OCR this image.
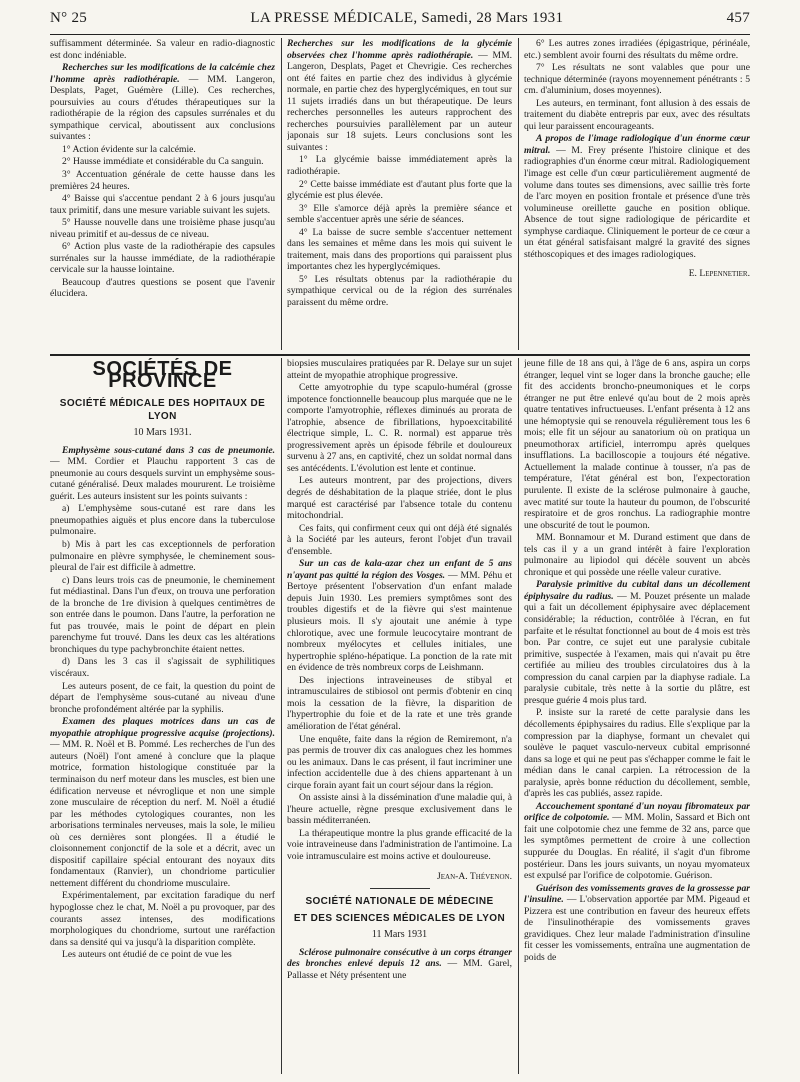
N° 25	LA PRESSE MÉDICALE, Samedi, 28 Mars 1931	457

suffisamment déterminée. Sa valeur en radio-diagnostic est donc indéniable.

Recherches sur les modifications de la calcémie chez l'homme après radiothérapie. — MM. Langeron, Desplats, Paget, Guémère (Lille). Ces recherches, poursuivies au cours d'études thérapeutiques sur la radiothérapie de la région des capsules surrénales et du sympathique cervical, aboutissent aux conclusions suivantes :

1° Action évidente sur la calcémie.

2° Hausse immédiate et considérable du Ca sanguin.

3° Accentuation générale de cette hausse dans les premières 24 heures.

4° Baisse qui s'accentue pendant 2 à 6 jours jusqu'au taux primitif, dans une mesure variable suivant les sujets.

5° Hausse nouvelle dans une troisième phase jusqu'au niveau primitif et au-dessus de ce niveau.

6° Action plus vaste de la radiothérapie des capsules surrénales sur la hausse immédiate, de la radiothérapie cervicale sur la hausse lointaine.

Beaucoup d'autres questions se posent que l'avenir élucidera.

Recherches sur les modifications de la glycémie observées chez l'homme après radiothérapie. — MM. Langeron, Desplats, Paget et Chevrigie. Ces recherches ont été faites en partie chez des individus à glycémie normale, en partie chez des hyperglycémiques, en tout sur 11 sujets irradiés dans un but thérapeutique. De leurs recherches personnelles les auteurs rapprochent des recherches poursuivies parallèlement par un auteur japonais sur 18 sujets. Leurs conclusions sont les suivantes :

1° La glycémie baisse immédiatement après la radiothérapie.

2° Cette baisse immédiate est d'autant plus forte que la glycémie est plus élevée.

3° Elle s'amorce déjà après la première séance et semble s'accentuer après une série de séances.

4° La baisse de sucre semble s'accentuer nettement dans les semaines et même dans les mois qui suivent le traitement, mais dans des proportions qui paraissent plus importantes chez les hyperglycémiques.

5° Les résultats obtenus par la radiothérapie du sympathique cervical ou de la région des surrénales paraissent du même ordre.

6° Les autres zones irradiées (épigastrique, périnéale, etc.) semblent avoir fourni des résultats du même ordre.

7° Les résultats ne sont valables que pour une technique déterminée (rayons moyennement pénétrants : 5 cm. d'aluminium, doses moyennes).

Les auteurs, en terminant, font allusion à des essais de traitement du diabète entrepris par eux, avec des résultats qui leur paraissent encourageants.

A propos de l'image radiologique d'un énorme cœur mitral. — M. Frey présente l'histoire clinique et des radiographies d'un énorme cœur mitral. Radiologiquement l'image est celle d'un cœur particulièrement augmenté de volume dans toutes ses dimensions, avec saillie très forte de l'arc moyen en position frontale et présence d'une très volumineuse oreillette gauche en position oblique. Absence de tout signe radiologique de péricardite et symphyse cardiaque. Cliniquement le porteur de ce cœur a un état général satisfaisant malgré la gravité des signes stéthoscopiques et des images radiologiques.

E. Lepennetier.

SOCIÉTÉS DE PROVINCE
SOCIÉTÉ MÉDICALE DES HOPITAUX DE LYON
10 Mars 1931.

Emphysème sous-cutané dans 3 cas de pneumonie. — MM. Cordier et Plauchu rapportent 3 cas de pneumonie au cours desquels survint un emphysème sous-cutané généralisé. Deux malades moururent. Le troisième guérit. Les auteurs insistent sur les points suivants :

a) L'emphysème sous-cutané est rare dans les pneumopathies aiguës et plus encore dans la tuberculose pulmonaire.

b) Mis à part les cas exceptionnels de perforation pulmonaire en plèvre symphysée, le cheminement sous-pleural de l'air est difficile à admettre.

c) Dans leurs trois cas de pneumonie, le cheminement fut médiastinal. Dans l'un d'eux, on trouva une perforation de la bronche de 1re division à quelques centimètres de son entrée dans le poumon. Dans l'autre, la perforation ne fut pas trouvée, mais le point de départ en plein parenchyme fut trouvé. Dans les deux cas les altérations bronchiques du type pachybronchite étaient nettes.

d) Dans les 3 cas il s'agissait de syphilitiques viscéraux.

Les auteurs posent, de ce fait, la question du point de départ de l'emphysème sous-cutané au niveau d'une bronche profondément altérée par la syphilis.

Examen des plaques motrices dans un cas de myopathie atrophique progressive acquise (projections). — MM. R. Noël et B. Pommé. Les recherches de l'un des auteurs (Noël) l'ont amené à conclure que la plaque motrice, formation histologique constituée par la terminaison du nerf moteur dans les muscles, est bien une édification nerveuse et névroglique et non une simple zone musculaire de réception du nerf. M. Noël a étudié par les méthodes cytologiques courantes, non les arborisations terminales nerveuses, mais la sole, le milieu où ces dernières sont plongées. Il a étudié le cloisonnement conjonctif de la sole et a décrit, avec un dispositif capillaire spécial entourant des noyaux dits fondamentaux (Ranvier), un chondriome particulier nettement différent du chondriome musculaire.

Expérimentalement, par excitation faradique du nerf hypoglosse chez le chat, M. Noël a pu provoquer, par des courants assez intenses, des modifications morphologiques du chondriome, surtout une raréfaction dans sa densité qui va jusqu'à la disparition complète.

Les auteurs ont étudié de ce point de vue les

biopsies musculaires pratiquées par R. Delaye sur un sujet atteint de myopathie atrophique progressive.

Cette amyotrophie du type scapulo-huméral (grosse impotence fonctionnelle beaucoup plus marquée que ne le comporte l'amyotrophie, réflexes diminués au prorata de l'atrophie, absence de fibrillations, hypoexcitabilité électrique simple, L. C. R. normal) est apparue très progressivement après un épisode fébrile et douloureux survenu à 27 ans, en captivité, chez un soldat normal dans ses antécédents. L'évolution est lente et continue.

Les auteurs montrent, par des projections, divers degrés de déshabitation de la plaque striée, dont le plus marqué est caractérisé par l'absence totale du contenu mitochondrial.

Ces faits, qui confirment ceux qui ont déjà été signalés à la Société par les auteurs, feront l'objet d'un travail d'ensemble.

Sur un cas de kala-azar chez un enfant de 5 ans n'ayant pas quitté la région des Vosges. — MM. Péhu et Bertoye présentent l'observation d'un enfant malade depuis Juin 1930. Les premiers symptômes sont des troubles digestifs et de la fièvre qui s'est maintenue plusieurs mois. Il s'y ajoutait une anémie à type chlorotique, avec une formule leucocytaire montrant de nombreux myélocytes et cellules initiales, une hypertrophie spléno-hépatique. La ponction de la rate mit en évidence de très nombreux corps de Leishmann.

Des injections intraveineuses de stibyal et intramusculaires de stibiosol ont permis d'obtenir en cinq mois la cessation de la fièvre, la disparition de l'hypertrophie du foie et de la rate et une très grande amélioration de l'état général.

Une enquête, faite dans la région de Remiremont, n'a pas permis de trouver dix cas analogues chez les hommes ou les animaux. Dans le cas présent, il faut incriminer une infection accidentelle due à des chiens appartenant à un cirque forain ayant fait un court séjour dans la région.

On assiste ainsi à la dissémination d'une maladie qui, à l'heure actuelle, règne presque exclusivement dans le bassin méditerranéen.

La thérapeutique montre la plus grande efficacité de la voie intraveineuse dans l'administration de l'antimoine. La voie intramusculaire est moins active et douloureuse.

Jean-A. Thévenon.

SOCIÉTÉ NATIONALE DE MÉDECINE
ET DES SCIENCES MÉDICALES DE LYON
11 Mars 1931

Sclérose pulmonaire consécutive à un corps étranger des bronches enlevé depuis 12 ans. — MM. Garel, Pallasse et Néty présentent une

jeune fille de 18 ans qui, à l'âge de 6 ans, aspira un corps étranger, lequel vint se loger dans la bronche gauche; elle fit des accidents broncho-pneumoniques et le corps étranger ne put être enlevé qu'au bout de 2 mois après quatre tentatives infructueuses. L'enfant présenta à 12 ans une hémoptysie qui se renouvela régulièrement tous les 6 mois; elle fit un séjour au sanatorium où on pratiqua un pneumothorax artificiel, interrompu après quelques insufflations. La bacilloscopie a toujours été négative. Actuellement la malade continue à tousser, n'a pas de température, l'état général est bon, l'expectoration purulente. Il existe de la sclérose pulmonaire à gauche, avec matité sur toute la hauteur du poumon, de l'obscurité respiratoire et de gros ronchus. La radiographie montre une obscurité de tout le poumon.

MM. Bonnamour et M. Durand estiment que dans de tels cas il y a un grand intérêt à faire l'exploration pulmonaire au lipiodol qui décèle souvent un abcès chronique et qui possède une réelle valeur curative.

Paralysie primitive du cubital dans un décollement épiphysaire du radius. — M. Pouzet présente un malade qui a fait un décollement épiphysaire avec déplacement considérable; la réduction, contrôlée à l'écran, en fut parfaite et le résultat fonctionnel au bout de 4 mois est très bon. Par contre, ce sujet eut une paralysie cubitale primitive, suspectée à l'examen, mais qui n'avait pu être certifiée au milieu des troubles circulatoires dus à la compression du canal carpien par la diaphyse radiale. La paralysie cubitale, très nette à la sortie du plâtre, est presque guérie 4 mois plus tard.

P. insiste sur la rareté de cette paralysie dans les décollements épiphysaires du radius. Elle s'explique par la compression par la diaphyse, formant un chevalet qui soulève le paquet vasculo-nerveux cubital emprisonné dans sa loge et qui ne peut pas s'échapper comme le fait le médian dans le canal carpien. La rétrocession de la paralysie, après bonne réduction du décollement, semble, d'après les cas publiés, assez rapide.

Accouchement spontané d'un noyau fibromateux par orifice de colpotomie. — MM. Molin, Sassard et Bich ont fait une colpotomie chez une femme de 32 ans, parce que les symptômes permettent de croire à une collection suppurée du Douglas. En réalité, il s'agit d'un fibrome postérieur. Dans les jours suivants, un noyau myomateux est expulsé par l'orifice de colpotomie. Guérison.

Guérison des vomissements graves de la grossesse par l'insuline. — L'observation apportée par MM. Pigeaud et Pizzera est une contribution en faveur des heureux effets de l'insulinothérapie des vomissements graves gravidiques. Chez leur malade l'administration d'insuline fit cesser les vomissements, entraîna une augmentation de poids de
